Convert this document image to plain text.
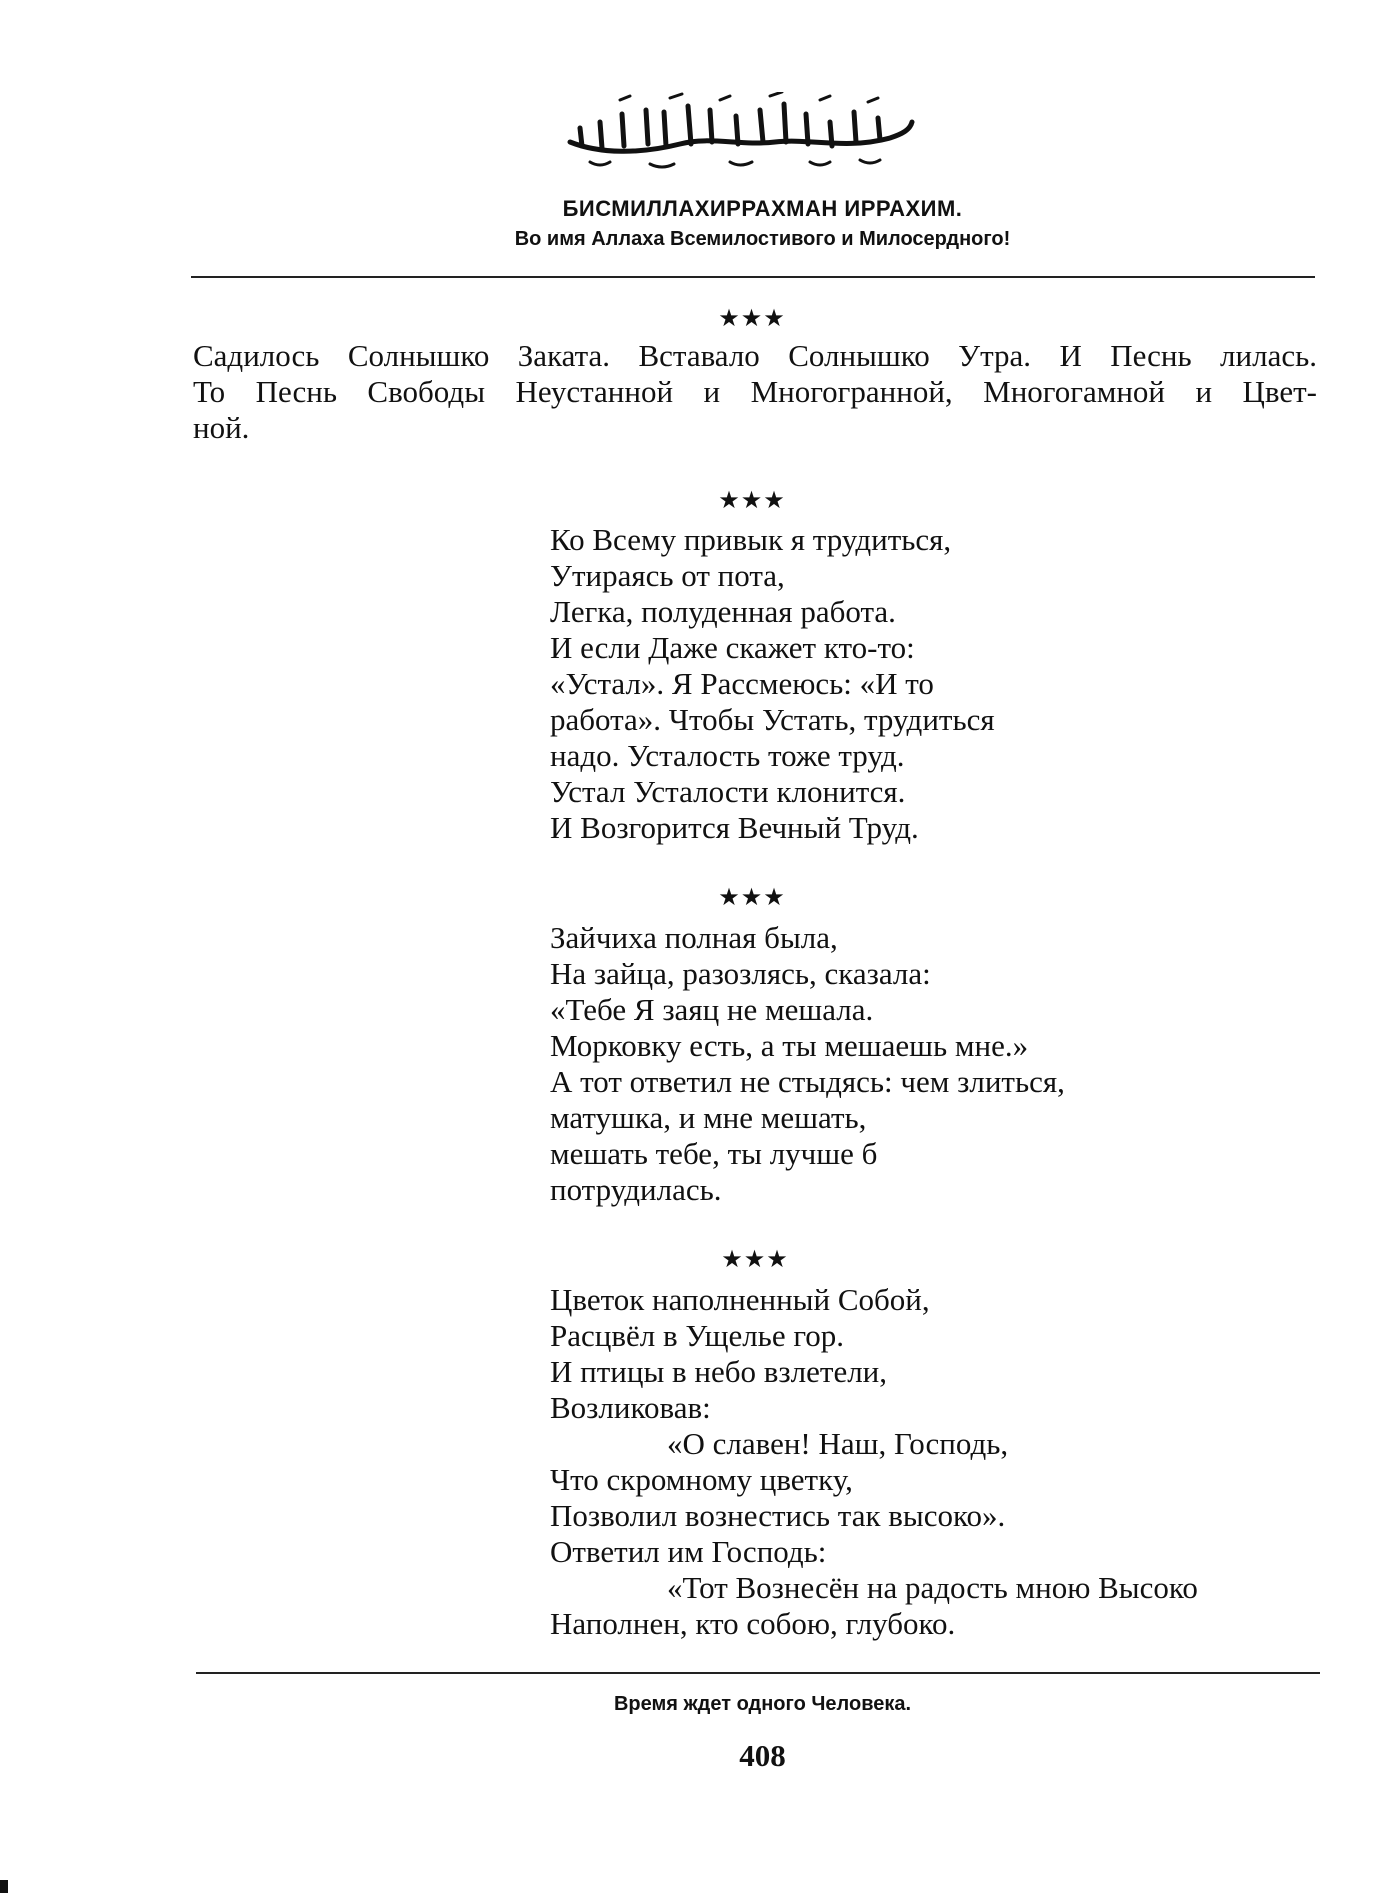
بِسْمِ ٱللَّٰهِ ٱلرَّحْمَٰنِ ٱلرَّحِيمِ
БИСМИЛЛАХИРРАХМАН ИРРАХИМ.
Во имя Аллаха Всемилостивого и Милосердного!
★★★
Садилось Солнышко Заката. Вставало Солнышко Утра. И Песнь лилась.
То Песнь Свободы Неустанной и Многогранной, Многогамной и Цвет-
ной.
★★★
Ко Всему привык я трудиться,
Утираясь от пота,
Легка, полуденная работа.
И если Даже скажет кто-то:
«Устал». Я Рассмеюсь: «И то
работа». Чтобы Устать, трудиться
надо. Усталость тоже труд.
Устал Усталости клонится.
И Возгорится Вечный Труд.
★★★
Зайчиха полная была,
На зайца, разозлясь, сказала:
«Тебе Я заяц не мешала.
Морковку есть, а ты мешаешь мне.»
А тот ответил не стыдясь: чем злиться,
матушка, и мне мешать,
мешать тебе, ты лучше б
потрудилась.
★★★
Цветок наполненный Собой,
Расцвёл в Ущелье гор.
И птицы в небо взлетели,
Возликовав:
«О славен! Наш, Господь,
Что скромному цветку,
Позволил вознестись так высоко».
Ответил им Господь:
«Тот Вознесён на радость мною Высоко
Наполнен, кто собою, глубоко.
Время ждет одного Человека.
408
